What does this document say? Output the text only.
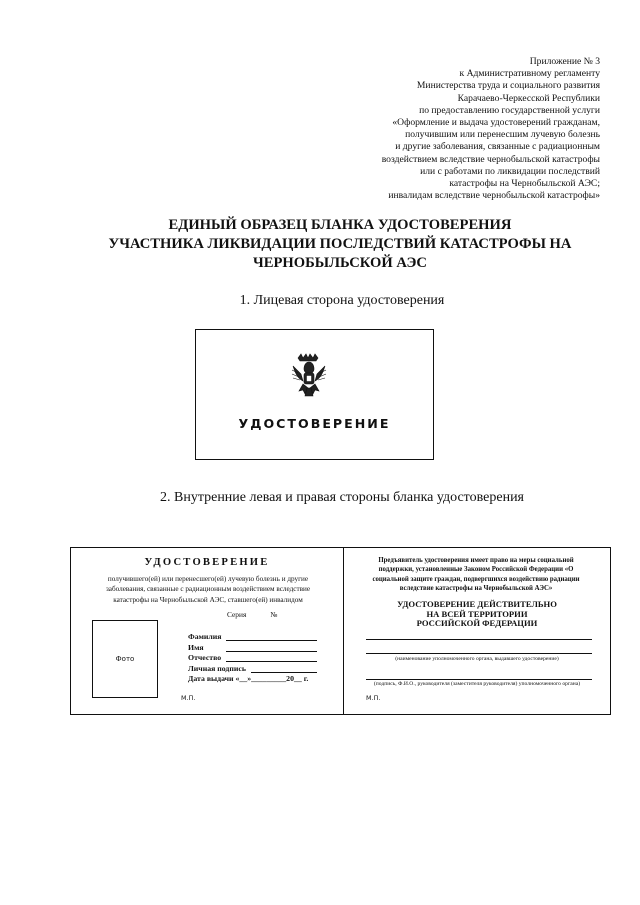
Приложение № 3
к Административному регламенту
Министерства труда и социального развития
Карачаево-Черкесской Республики
по предоставлению государственной услуги
«Оформление и выдача удостоверений гражданам,
получившим или перенесшим лучевую болезнь
и другие заболевания, связанные с радиационным
воздействием вследствие чернобыльской катастрофы
или с работами по ликвидации последствий
катастрофы на Чернобыльской АЭС;
инвалидам вследствие чернобыльской катастрофы»
ЕДИНЫЙ ОБРАЗЕЦ БЛАНКА УДОСТОВЕРЕНИЯ
УЧАСТНИКА ЛИКВИДАЦИИ ПОСЛЕДСТВИЙ КАТАСТРОФЫ НА
ЧЕРНОБЫЛЬСКОЙ АЭС
1. Лицевая сторона удостоверения
УДОСТОВЕРЕНИЕ
2. Внутренние левая и правая стороны бланка удостоверения
УДОСТОВЕРЕНИЕ
получившего(ей) или перенесшего(ей) лучевую болезнь и другие
заболевания, связанные с радиационным воздействием вследствие
катастрофы на Чернобыльской АЭС, ставшего(ей) инвалидом
Серия	№
Фото
Фамилия
Имя
Отчество
Личная подпись
Дата выдачи «__»_________20__ г.
М.П.
Предъявитель удостоверения имеет право на меры социальной
поддержки, установленные Законом Российской Федерации «О
социальной защите граждан, подвергшихся воздействию радиации
вследствие катастрофы на Чернобыльской АЭС»
УДОСТОВЕРЕНИЕ ДЕЙСТВИТЕЛЬНО
НА ВСЕЙ ТЕРРИТОРИИ
РОССИЙСКОЙ ФЕДЕРАЦИИ
(наименование уполномоченного органа, выдавшего удостоверение)
(подпись, Ф.И.О., руководителя (заместителя руководителя) уполномоченного органа)
М.П.
